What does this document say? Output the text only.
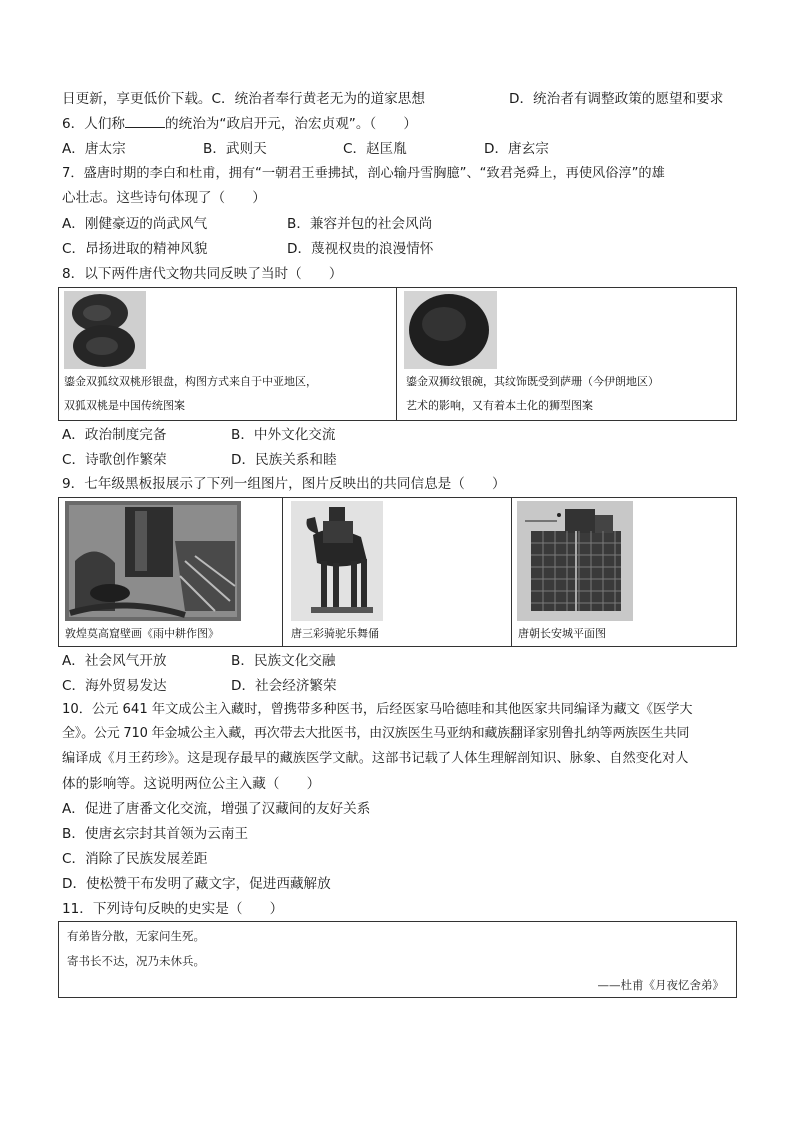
日更新，享更低价下载。C．统治者奉行黄老无为的道家思想	D．统治者有调整政策的愿望和要求
6．人们称	的统治为“政启开元，治宏贞观”。（　　）
A．唐太宗	B．武则天	C．赵匡胤	D．唐玄宗
7．盛唐时期的李白和杜甫，拥有“一朝君王垂拂拭，剖心输丹雪胸臆”、“致君尧舜上，再使风俗淳”的雄
心壮志。这些诗句体现了（　　）
A．刚健豪迈的尚武风气	B．兼容并包的社会风尚
C．昂扬进取的精神风貌	D．蔑视权贵的浪漫情怀
8．以下两件唐代文物共同反映了当时（　　）
鎏金双狐纹双桃形银盘，构图方式来自于中亚地区，
双狐双桃是中国传统图案
鎏金双狮纹银碗，其纹饰既受到萨珊（今伊朗地区）
艺术的影响，又有着本土化的狮型图案
A．政治制度完备	B．中外文化交流
C．诗歌创作繁荣	D．民族关系和睦
9．七年级黑板报展示了下列一组图片，图片反映出的共同信息是（　　）
敦煌莫高窟壁画《雨中耕作图》	唐三彩骑驼乐舞俑	唐朝长安城平面图
A．社会风气开放	B．民族文化交融
C．海外贸易发达	D．社会经济繁荣
10．公元 641 年文成公主入藏时，曾携带多种医书，后经医家马哈德哇和其他医家共同编译为藏文《医学大
全》。公元 710 年金城公主入藏，再次带去大批医书，由汉族医生马亚纳和藏族翻译家别鲁扎纳等两族医生共同
编译成《月王药珍》。这是现存最早的藏族医学文献。这部书记载了人体生理解剖知识、脉象、自然变化对人
体的影响等。这说明两位公主入藏（　　）
A．促进了唐番文化交流，增强了汉藏间的友好关系
B．使唐玄宗封其首领为云南王
C．消除了民族发展差距
D．使松赞干布发明了藏文字，促进西藏解放
11．下列诗句反映的史实是（　　）
有弟皆分散，无家问生死。
寄书长不达，况乃未休兵。
——杜甫《月夜忆舍弟》
